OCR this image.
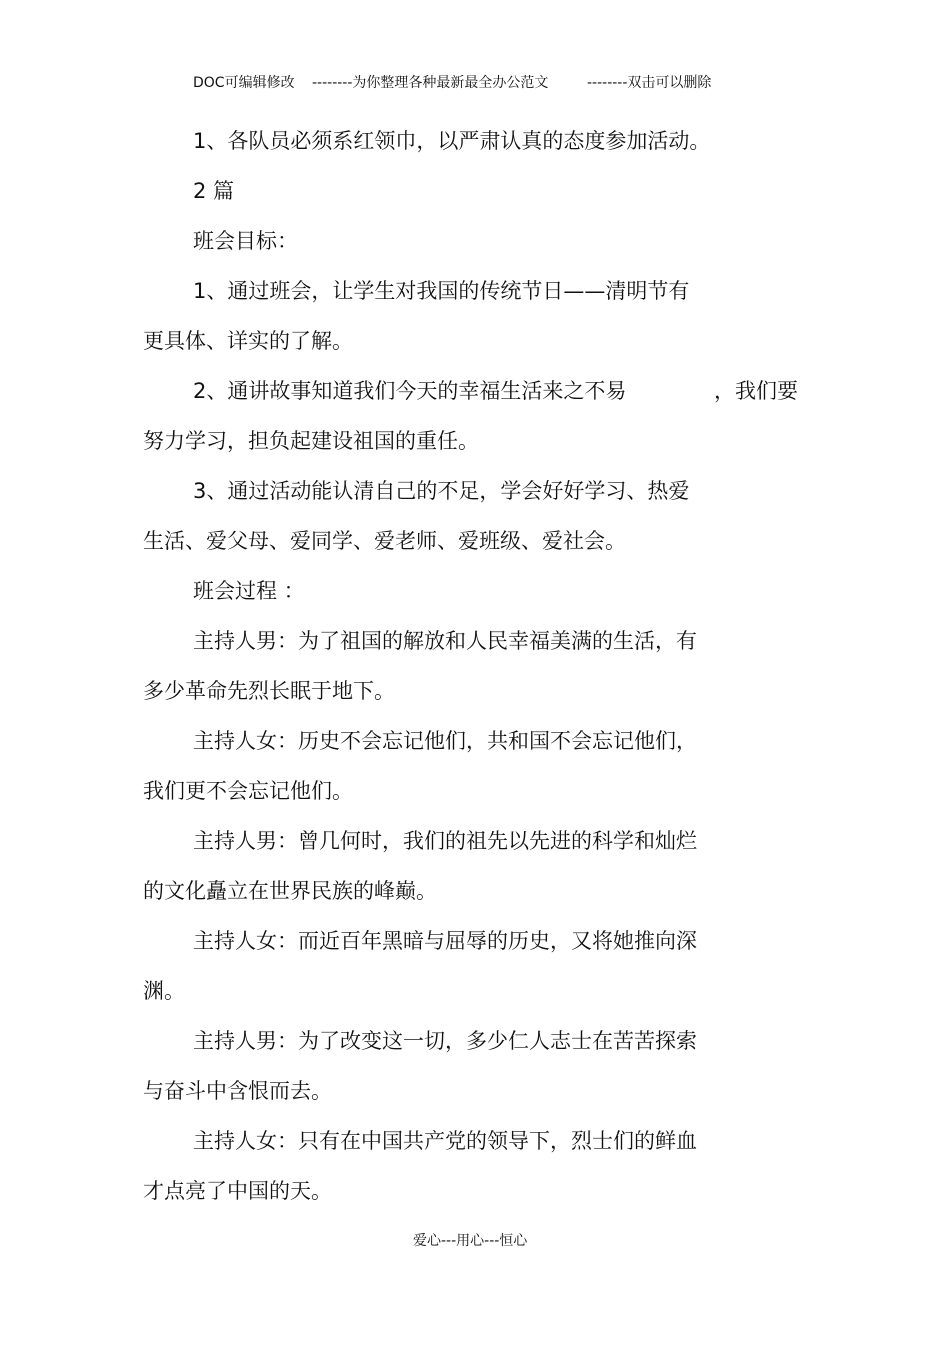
DOC可编辑修改

--------为你整理各种最新最全办公范文

	--------双击可以删除

1、各队员必须系红领巾，以严肃认真的态度参加活动。
2 篇
班会目标：
1、通过班会，让学生对我国的传统节日——清明节有
更具体、详实的了解。
2、通讲故事知道我们今天的幸福生活来之不易	，我们要
努力学习，担负起建设祖国的重任。
3、通过活动能认清自己的不足，学会好好学习、热爱
生活、爱父母、爱同学、爱老师、爱班级、爱社会。
班会过程 ：
主持人男：为了祖国的解放和人民幸福美满的生活，有
多少革命先烈长眠于地下。
主持人女：历史不会忘记他们，共和国不会忘记他们，
我们更不会忘记他们。
主持人男：曾几何时，我们的祖先以先进的科学和灿烂
的文化矗立在世界民族的峰巅。
主持人女：而近百年黑暗与屈辱的历史，又将她推向深
渊。
主持人男：为了改变这一切，多少仁人志士在苦苦探索
与奋斗中含恨而去。
主持人女：只有在中国共产党的领导下，烈士们的鲜血
才点亮了中国的天。
爱心---用心---恒心
